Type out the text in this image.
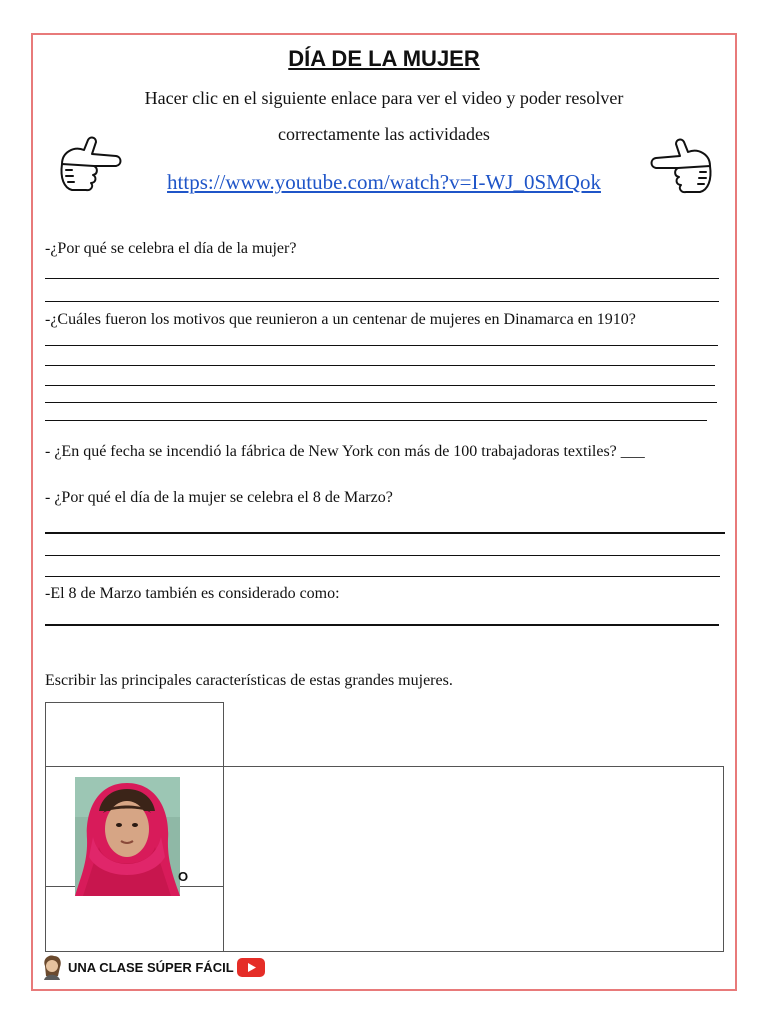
DÍA DE LA MUJER
Hacer clic en el siguiente enlace para ver el video y poder resolver
correctamente las actividades
https://www.youtube.com/watch?v=I-WJ_0SMQok
-¿Por qué se celebra el día de la mujer?
-¿Cuáles fueron los motivos que reunieron a un centenar de mujeres en Dinamarca en 1910?
- ¿En qué fecha se incendió la fábrica de New York con más de 100 trabajadoras textiles? ___
- ¿Por qué el día de la mujer se celebra el 8 de Marzo?
-El 8 de Marzo también es considerado como:
Escribir las principales características de estas grandes mujeres.
O
UNA CLASE SÚPER FÁCIL
